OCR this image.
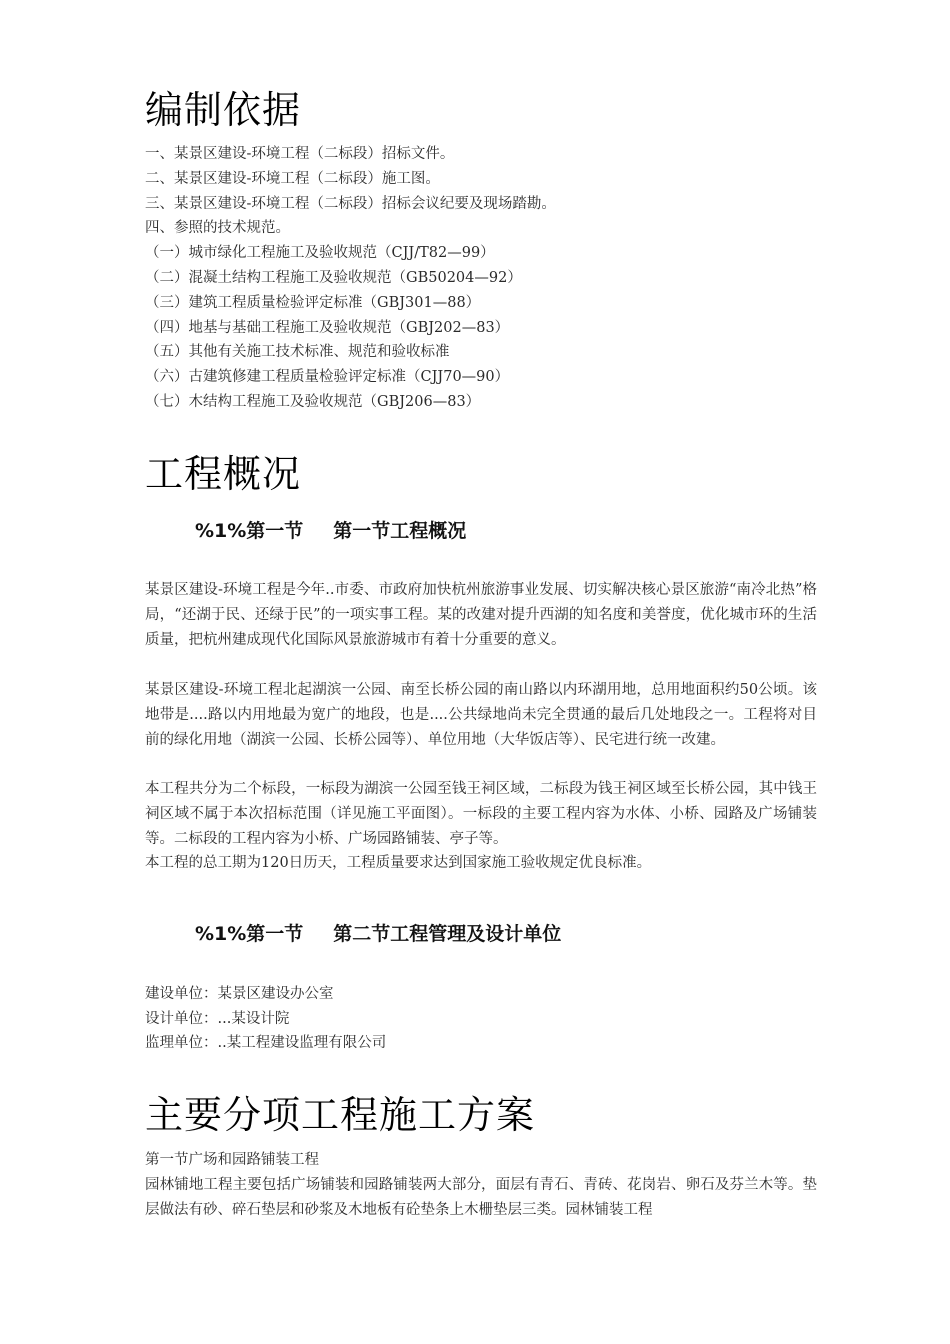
编制依据
一、某景区建设-环境工程（二标段）招标文件。
二、某景区建设-环境工程（二标段）施工图。
三、某景区建设-环境工程（二标段）招标会议纪要及现场踏勘。
四、参照的技术规范。
（一）城市绿化工程施工及验收规范（CJJ/T82—99）
（二）混凝土结构工程施工及验收规范（GB50204—92）
（三）建筑工程质量检验评定标准（GBJ301—88）
（四）地基与基础工程施工及验收规范（GBJ202—83）
（五）其他有关施工技术标准、规范和验收标准
（六）古建筑修建工程质量检验评定标准（CJJ70—90）
（七）木结构工程施工及验收规范（GBJ206—83）
工程概况
%1%第一节 第一节工程概况
某景区建设-环境工程是今年..市委、市政府加快杭州旅游事业发展、切实解决核心景区旅游“南冷北热”格局，“还湖于民、还绿于民”的一项实事工程。某的改建对提升西湖的知名度和美誉度，优化城市环的生活质量，把杭州建成现代化国际风景旅游城市有着十分重要的意义。
某景区建设-环境工程北起湖滨一公园、南至长桥公园的南山路以内环湖用地，总用地面积约50公顷。该地带是....路以内用地最为宽广的地段，也是....公共绿地尚未完全贯通的最后几处地段之一。工程将对目前的绿化用地（湖滨一公园、长桥公园等）、单位用地（大华饭店等）、民宅进行统一改建。
本工程共分为二个标段，一标段为湖滨一公园至钱王祠区域，二标段为钱王祠区域至长桥公园，其中钱王祠区域不属于本次招标范围（详见施工平面图）。一标段的主要工程内容为水体、小桥、园路及广场铺装等。二标段的工程内容为小桥、广场园路铺装、亭子等。
本工程的总工期为120日历天，工程质量要求达到国家施工验收规定优良标准。
%1%第一节 第二节工程管理及设计单位
建设单位：某景区建设办公室
设计单位：...某设计院
监理单位：..某工程建设监理有限公司
主要分项工程施工方案
第一节广场和园路铺装工程
园林铺地工程主要包括广场铺装和园路铺装两大部分，面层有青石、青砖、花岗岩、卵石及芬兰木等。垫层做法有砂、碎石垫层和砂浆及木地板有砼垫条上木栅垫层三类。园林铺装工程
